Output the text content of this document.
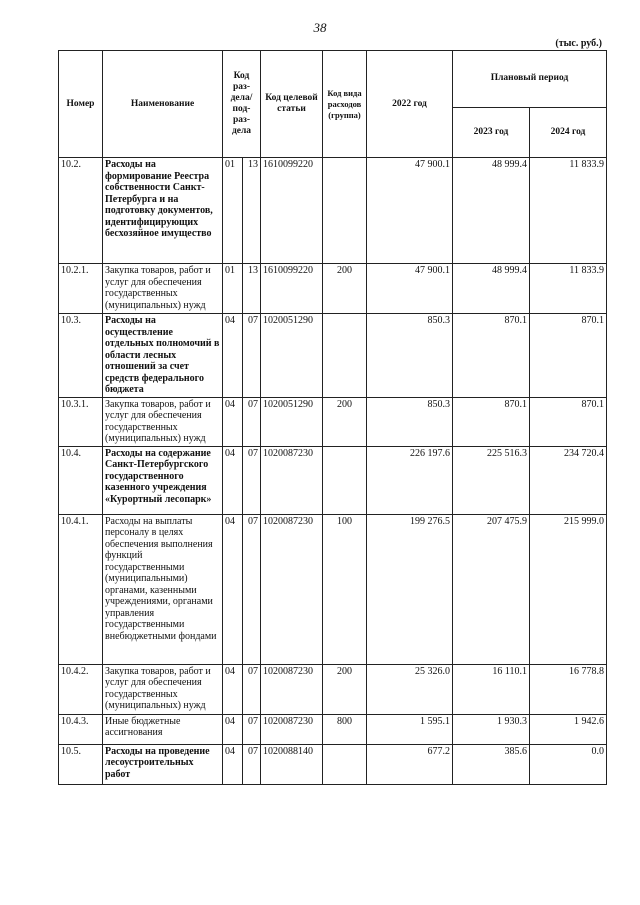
38
(тыс. руб.)
Номер	Наименование	Код раз-дела/ под-раз-дела		Код целевой статьи	Код вида расходов (группа)	2022 год	Плановый период	
							2023 год	2024 год
10.2.	Расходы на формирование Реестра собственности Санкт-Петербурга и на подготовку документов, идентифицирующих бесхозяйное имущество	01	13	1610099220		47 900.1	48 999.4	11 833.9
10.2.1.	Закупка товаров, работ и услуг для обеспечения государственных (муниципальных) нужд	01	13	1610099220	200	47 900.1	48 999.4	11 833.9
10.3.	Расходы на осуществление отдельных полномочий в области лесных отношений за счет средств федерального бюджета	04	07	1020051290		850.3	870.1	870.1
10.3.1.	Закупка товаров, работ и услуг для обеспечения государственных (муниципальных) нужд	04	07	1020051290	200	850.3	870.1	870.1
10.4.	Расходы на содержание Санкт-Петербургского государственного казенного учреждения «Курортный лесопарк»	04	07	1020087230		226 197.6	225 516.3	234 720.4
10.4.1.	Расходы на выплаты персоналу в целях обеспечения выполнения функций государственными (муниципальными) органами, казенными учреждениями, органами управления государственными внебюджетными фондами	04	07	1020087230	100	199 276.5	207 475.9	215 999.0
10.4.2.	Закупка товаров, работ и услуг для обеспечения государственных (муниципальных) нужд	04	07	1020087230	200	25 326.0	16 110.1	16 778.8
10.4.3.	Иные бюджетные ассигнования	04	07	1020087230	800	1 595.1	1 930.3	1 942.6
10.5.	Расходы на проведение лесоустроительных работ	04	07	1020088140		677.2	385.6	0.0
